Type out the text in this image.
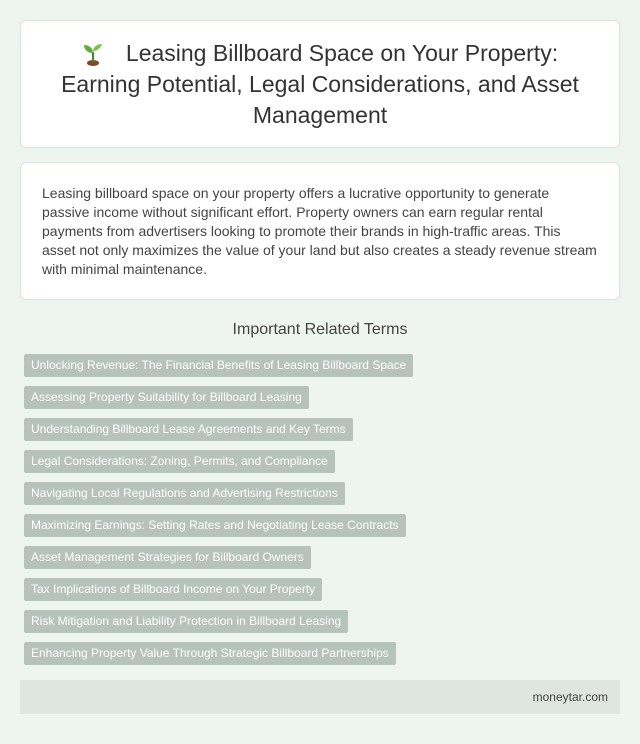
Leasing Billboard Space on Your Property: Earning Potential, Legal Considerations, and Asset Management

Leasing billboard space on your property offers a lucrative opportunity to generate passive income without significant effort. Property owners can earn regular rental payments from advertisers looking to promote their brands in high-traffic areas. This asset not only maximizes the value of your land but also creates a steady revenue stream with minimal maintenance.

Important Related Terms
Unlocking Revenue: The Financial Benefits of Leasing Billboard Space
Assessing Property Suitability for Billboard Leasing
Understanding Billboard Lease Agreements and Key Terms
Legal Considerations: Zoning, Permits, and Compliance
Navigating Local Regulations and Advertising Restrictions
Maximizing Earnings: Setting Rates and Negotiating Lease Contracts
Asset Management Strategies for Billboard Owners
Tax Implications of Billboard Income on Your Property
Risk Mitigation and Liability Protection in Billboard Leasing
Enhancing Property Value Through Strategic Billboard Partnerships
moneytar.com
